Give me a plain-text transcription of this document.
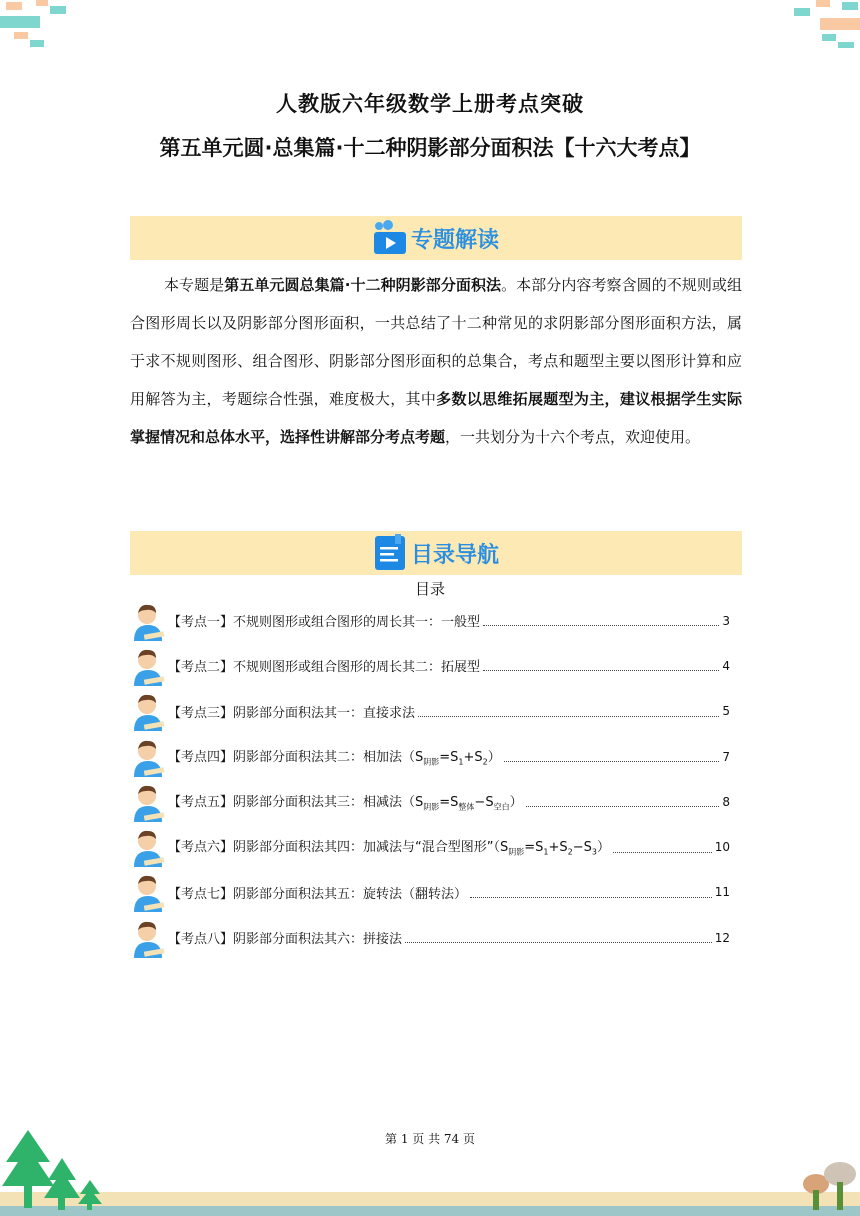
人教版六年级数学上册考点突破
第五单元圆·总集篇·十二种阴影部分面积法【十六大考点】
专题解读
本专题是第五单元圆总集篇·十二种阴影部分面积法。本部分内容考察含圆的不规则或组合图形周长以及阴影部分图形面积，一共总结了十二种常见的求阴影部分图形面积方法，属于求不规则图形、组合图形、阴影部分图形面积的总集合，考点和题型主要以图形计算和应用解答为主，考题综合性强，难度极大，其中多数以思维拓展题型为主，建议根据学生实际掌握情况和总体水平，选择性讲解部分考点考题，一共划分为十六个考点，欢迎使用。
目录导航
目录
【考点一】不规则图形或组合图形的周长其一：一般型	3
【考点二】不规则图形或组合图形的周长其二：拓展型	4
【考点三】阴影部分面积法其一：直接求法	5
【考点四】阴影部分面积法其二：相加法$(S_{阴影}=S_1+S_2)$	7
【考点五】阴影部分面积法其三：相减法$(S_{阴影}=S_{整体}-S_{空白})$	8
【考点六】阴影部分面积法其四：加减法与“混合型图形$”(S_{阴影}=S_1+S_2-S_3)$	10
【考点七】阴影部分面积法其五：旋转法（翻转法）	11
【考点八】阴影部分面积法其六：拼接法	12
第 1 页 共 74 页
